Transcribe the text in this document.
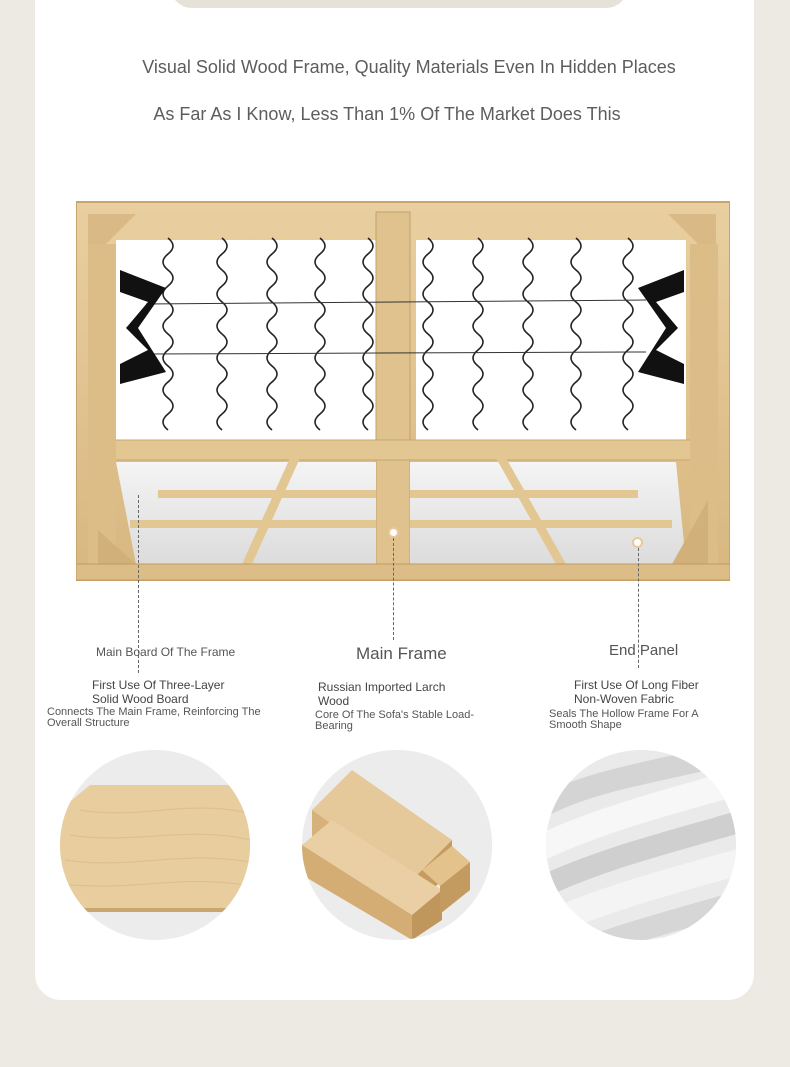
Visual Solid Wood Frame, Quality Materials Even In Hidden Places
As Far As I Know, Less Than 1% Of The Market Does This
Main Board Of The Frame
First Use Of Three-Layer Solid Wood Board
Connects The Main Frame, Reinforcing The Overall Structure
Main Frame
Russian Imported Larch Wood
Core Of The Sofa's Stable Load-Bearing
End Panel
First Use Of Long Fiber Non-Woven Fabric
Seals The Hollow Frame For A Smooth Shape
